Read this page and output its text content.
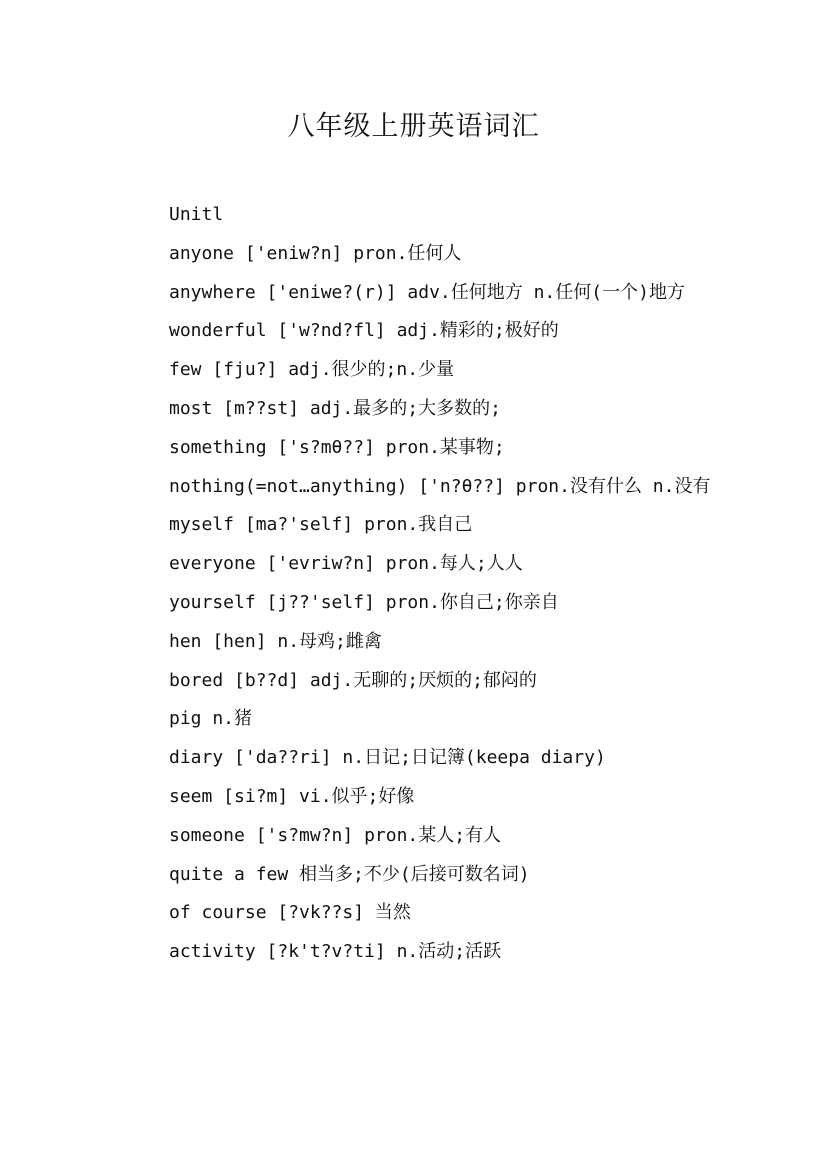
八年级上册英语词汇

Unitl

anyone ['eniw?n] pron.任何人

anywhere ['eniwe?(r)] adv.任何地方 n.任何(一个)地方

wonderful ['w?nd?fl] adj.精彩的;极好的

few [fju?] adj.很少的;n.少量

most [m??st] adj.最多的;大多数的;

something ['s?mθ??] pron.某事物;

nothing(=not…anything) ['n?θ??] pron.没有什么 n.没有

myself [ma?'self] pron.我自己

everyone ['evriw?n] pron.每人;人人

yourself [j??'self] pron.你自己;你亲自

hen [hen] n.母鸡;雌禽

bored [b??d] adj.无聊的;厌烦的;郁闷的

pig n.猪

diary ['da??ri] n.日记;日记簿(keepa diary)

seem [si?m] vi.似乎;好像

someone ['s?mw?n] pron.某人;有人

quite a few 相当多;不少(后接可数名词)

of course [?vk??s] 当然

activity [?k't?v?ti] n.活动;活跃
